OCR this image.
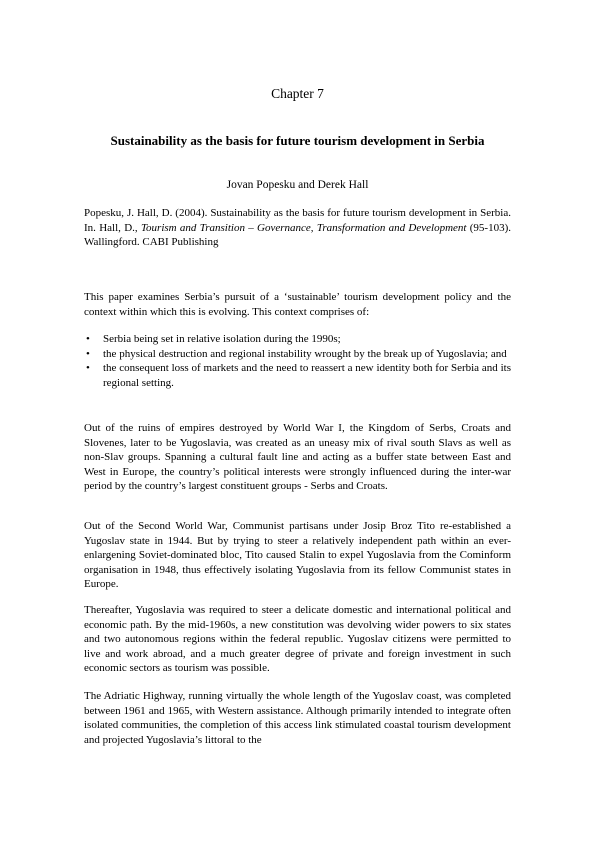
Chapter 7
Sustainability as the basis for future tourism development in Serbia
Jovan Popesku and Derek Hall
Popesku, J. Hall, D. (2004). Sustainability as the basis for future tourism development in Serbia. In. Hall, D., Tourism and Transition – Governance, Transformation and Development (95-103). Wallingford. CABI Publishing
This paper examines Serbia’s pursuit of a ‘sustainable’ tourism development policy and the context within which this is evolving. This context comprises of:
• Serbia being set in relative isolation during the 1990s;
• the physical destruction and regional instability wrought by the break up of Yugoslavia; and
• the consequent loss of markets and the need to reassert a new identity both for Serbia and its regional setting.
Out of the ruins of empires destroyed by World War I, the Kingdom of Serbs, Croats and Slovenes, later to be Yugoslavia, was created as an uneasy mix of rival south Slavs as well as non-Slav groups. Spanning a cultural fault line and acting as a buffer state between East and West in Europe, the country’s political interests were strongly influenced during the inter-war period by the country’s largest constituent groups - Serbs and Croats.
Out of the Second World War, Communist partisans under Josip Broz Tito re-established a Yugoslav state in 1944. But by trying to steer a relatively independent path within an ever-enlargening Soviet-dominated bloc, Tito caused Stalin to expel Yugoslavia from the Cominform organisation in 1948, thus effectively isolating Yugoslavia from its fellow Communist states in Europe.
Thereafter, Yugoslavia was required to steer a delicate domestic and international political and economic path. By the mid-1960s, a new constitution was devolving wider powers to six states and two autonomous regions within the federal republic. Yugoslav citizens were permitted to live and work abroad, and a much greater degree of private and foreign investment in such economic sectors as tourism was possible.
The Adriatic Highway, running virtually the whole length of the Yugoslav coast, was completed between 1961 and 1965, with Western assistance. Although primarily intended to integrate often isolated communities, the completion of this access link stimulated coastal tourism development and projected Yugoslavia’s littoral to the
